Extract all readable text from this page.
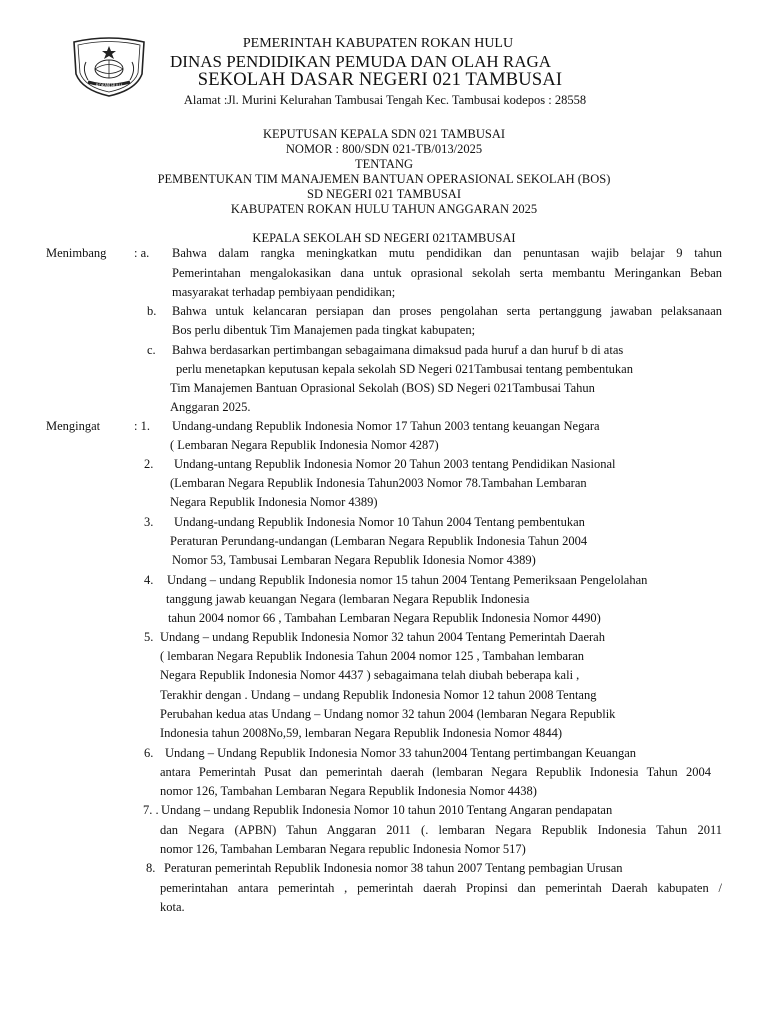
ROKAN HULU
PEMERINTAH KABUPATEN ROKAN HULU
DINAS PENDIDIKAN PEMUDA DAN OLAH RAGA
SEKOLAH DASAR NEGERI 021 TAMBUSAI
Alamat :Jl. Murini Kelurahan Tambusai Tengah Kec. Tambusai kodepos : 28558
KEPUTUSAN KEPALA SDN 021 TAMBUSAI
NOMOR : 800/SDN 021-TB/013/2025
TENTANG
PEMBENTUKAN TIM MANAJEMEN BANTUAN OPERASIONAL SEKOLAH (BOS)
SD NEGERI 021 TAMBUSAI
KABUPATEN ROKAN HULU TAHUN ANGGARAN 2025
KEPALA SEKOLAH SD NEGERI 021TAMBUSAI
Menimbang : a. Bahwa dalam rangka meningkatkan mutu pendidikan dan penuntasan wajib belajar 9 tahun
Pemerintahan mengalokasikan dana untuk oprasional sekolah serta membantu Meringankan Beban
masyarakat terhadap pembiyaan pendidikan;
b. Bahwa untuk kelancaran persiapan dan proses pengolahan serta pertanggung jawaban pelaksanaan
Bos perlu dibentuk Tim Manajemen pada tingkat kabupaten;
c. Bahwa berdasarkan pertimbangan sebagaimana dimaksud pada huruf a dan huruf b di atas
perlu menetapkan keputusan kepala sekolah SD Negeri 021Tambusai tentang pembentukan
Tim Manajemen Bantuan Oprasional Sekolah (BOS) SD Negeri 021Tambusai Tahun
Anggaran 2025.
Mengingat	: 1. Undang-undang Republik Indonesia Nomor 17 Tahun 2003 tentang keuangan Negara
( Lembaran Negara Republik Indonesia Nomor 4287)
2. Undang-untang Republik Indonesia Nomor 20 Tahun 2003 tentang Pendidikan Nasional
(Lembaran Negara Republik Indonesia Tahun2003 Nomor 78.Tambahan Lembaran
Negara Republik Indonesia Nomor 4389)
3. Undang-undang Republik Indonesia Nomor 10 Tahun 2004 Tentang pembentukan
Peraturan Perundang-undangan (Lembaran Negara Republik Indonesia Tahun 2004
Nomor 53, Tambusai Lembaran Negara Republik Idonesia Nomor 4389)
4. Undang – undang Republik Indonesia nomor 15 tahun 2004 Tentang Pemeriksaan Pengelolahan
tanggung jawab keuangan Negara (lembaran Negara Republik Indonesia
tahun 2004 nomor 66 , Tambahan Lembaran Negara Republik Indonesia Nomor 4490)
5. Undang – undang Republik Indonesia Nomor 32 tahun 2004 Tentang Pemerintah Daerah
( lembaran Negara Republik Indonesia Tahun 2004 nomor 125 , Tambahan lembaran
Negara Republik Indonesia Nomor 4437 ) sebagaimana telah diubah beberapa kali ,
Terakhir dengan . Undang – undang Republik Indonesia Nomor 12 tahun 2008 Tentang
Perubahan kedua atas Undang – Undang nomor 32 tahun 2004 (lembaran Negara Republik
Indonesia tahun 2008No,59, lembaran Negara Republik Indonesia Nomor 4844)
6. Undang – Undang Republik Indonesia Nomor 33 tahun2004 Tentang pertimbangan Keuangan
antara Pemerintah Pusat dan pemerintah daerah (lembaran Negara Republik Indonesia Tahun 2004
nomor 126, Tambahan Lembaran Negara Republik Indonesia Nomor 4438)
7. . Undang – undang Republik Indonesia Nomor 10 tahun 2010 Tentang Angaran pendapatan
dan Negara (APBN) Tahun Anggaran 2011 (. lembaran Negara Republik Indonesia Tahun 2011
nomor 126, Tambahan Lembaran Negara republic Indonesia Nomor 517)
8. Peraturan pemerintah Republik Indonesia nomor 38 tahun 2007 Tentang pembagian Urusan
pemerintahan antara pemerintah , pemerintah daerah Propinsi dan pemerintah Daerah kabupaten /
kota.
